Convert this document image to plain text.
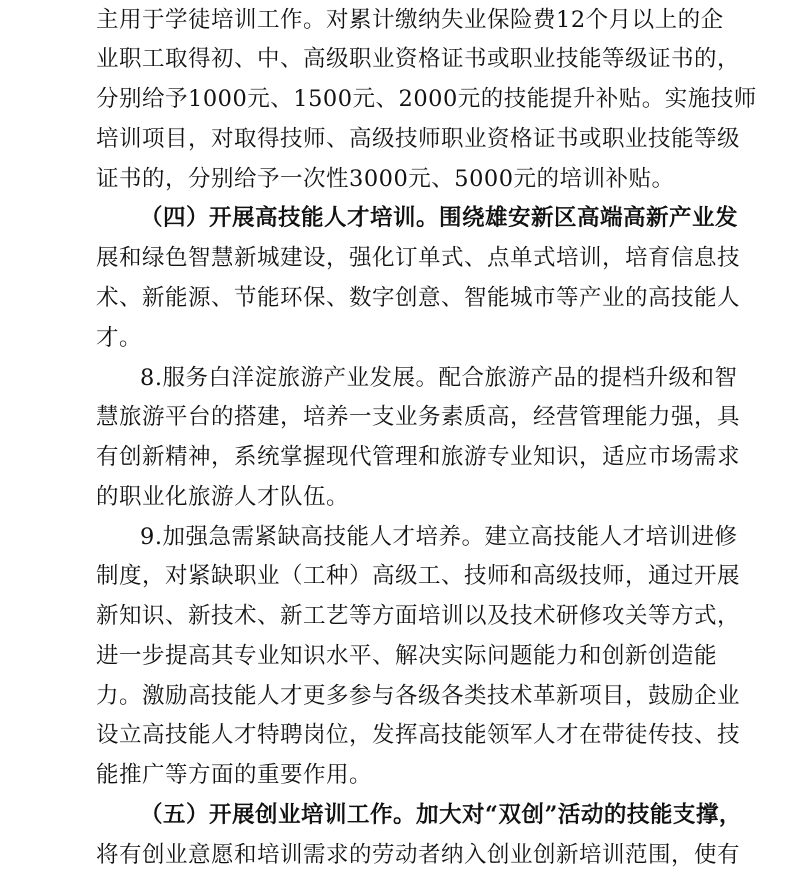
主用于学徒培训工作。对累计缴纳失业保险费12个月以上的企
业职工取得初、中、高级职业资格证书或职业技能等级证书的，
分别给予1000元、1500元、2000元的技能提升补贴。实施技师
培训项目，对取得技师、高级技师职业资格证书或职业技能等级
证书的，分别给予一次性3000元、5000元的培训补贴。
（四）开展高技能人才培训。围绕雄安新区高端高新产业发
展和绿色智慧新城建设，强化订单式、点单式培训，培育信息技
术、新能源、节能环保、数字创意、智能城市等产业的高技能人
才。
8.服务白洋淀旅游产业发展。配合旅游产品的提档升级和智
慧旅游平台的搭建，培养一支业务素质高，经营管理能力强，具
有创新精神，系统掌握现代管理和旅游专业知识，适应市场需求
的职业化旅游人才队伍。
9.加强急需紧缺高技能人才培养。建立高技能人才培训进修
制度，对紧缺职业（工种）高级工、技师和高级技师，通过开展
新知识、新技术、新工艺等方面培训以及技术研修攻关等方式，
进一步提高其专业知识水平、解决实际问题能力和创新创造能
力。激励高技能人才更多参与各级各类技术革新项目，鼓励企业
设立高技能人才特聘岗位，发挥高技能领军人才在带徒传技、技
能推广等方面的重要作用。
（五）开展创业培训工作。加大对“双创”活动的技能支撑，
将有创业意愿和培训需求的劳动者纳入创业创新培训范围，使有
